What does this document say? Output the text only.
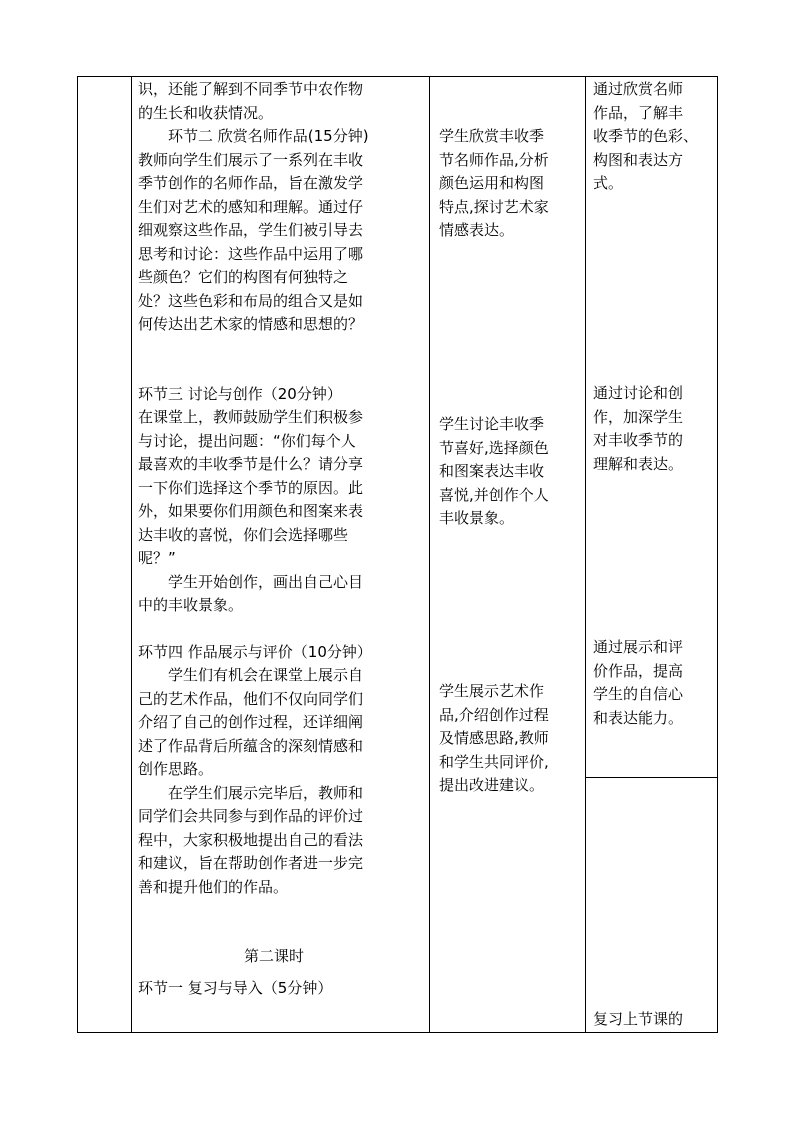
识，还能了解到不同季节中农作物

的生长和收获情况。

环节二 欣赏名师作品(15分钟)

教师向学生们展示了一系列在丰收

季节创作的名师作品，旨在激发学

生们对艺术的感知和理解。通过仔

细观察这些作品，学生们被引导去

思考和讨论：这些作品中运用了哪

些颜色？它们的构图有何独特之

处？这些色彩和布局的组合又是如

何传达出艺术家的情感和思想的？

环节三 讨论与创作（20分钟）

在课堂上，教师鼓励学生们积极参

与讨论，提出问题：“你们每个人

最喜欢的丰收季节是什么？请分享

一下你们选择这个季节的原因。此

外，如果要你们用颜色和图案来表

达丰收的喜悦，你们会选择哪些

呢？”

学生开始创作，画出自己心目

中的丰收景象。

环节四 作品展示与评价（10分钟）

学生们有机会在课堂上展示自

己的艺术作品，他们不仅向同学们

介绍了自己的创作过程，还详细阐

述了作品背后所蕴含的深刻情感和

创作思路。

在学生们展示完毕后，教师和

同学们会共同参与到作品的评价过

程中，大家积极地提出自己的看法

和建议，旨在帮助创作者进一步完

善和提升他们的作品。

第二课时

环节一 复习与导入（5分钟）

学生欣赏丰收季

节名师作品,分析

颜色运用和构图

特点,探讨艺术家

情感表达。

学生讨论丰收季

节喜好,选择颜色

和图案表达丰收

喜悦,并创作个人

丰收景象。

学生展示艺术作

品,介绍创作过程

及情感思路,教师

和学生共同评价,

提出改进建议。

通过欣赏名师

作品，了解丰

收季节的色彩、

构图和表达方

式。

通过讨论和创

作，加深学生

对丰收季节的

理解和表达。

通过展示和评

价作品，提高

学生的自信心

和表达能力。

复习上节课的
